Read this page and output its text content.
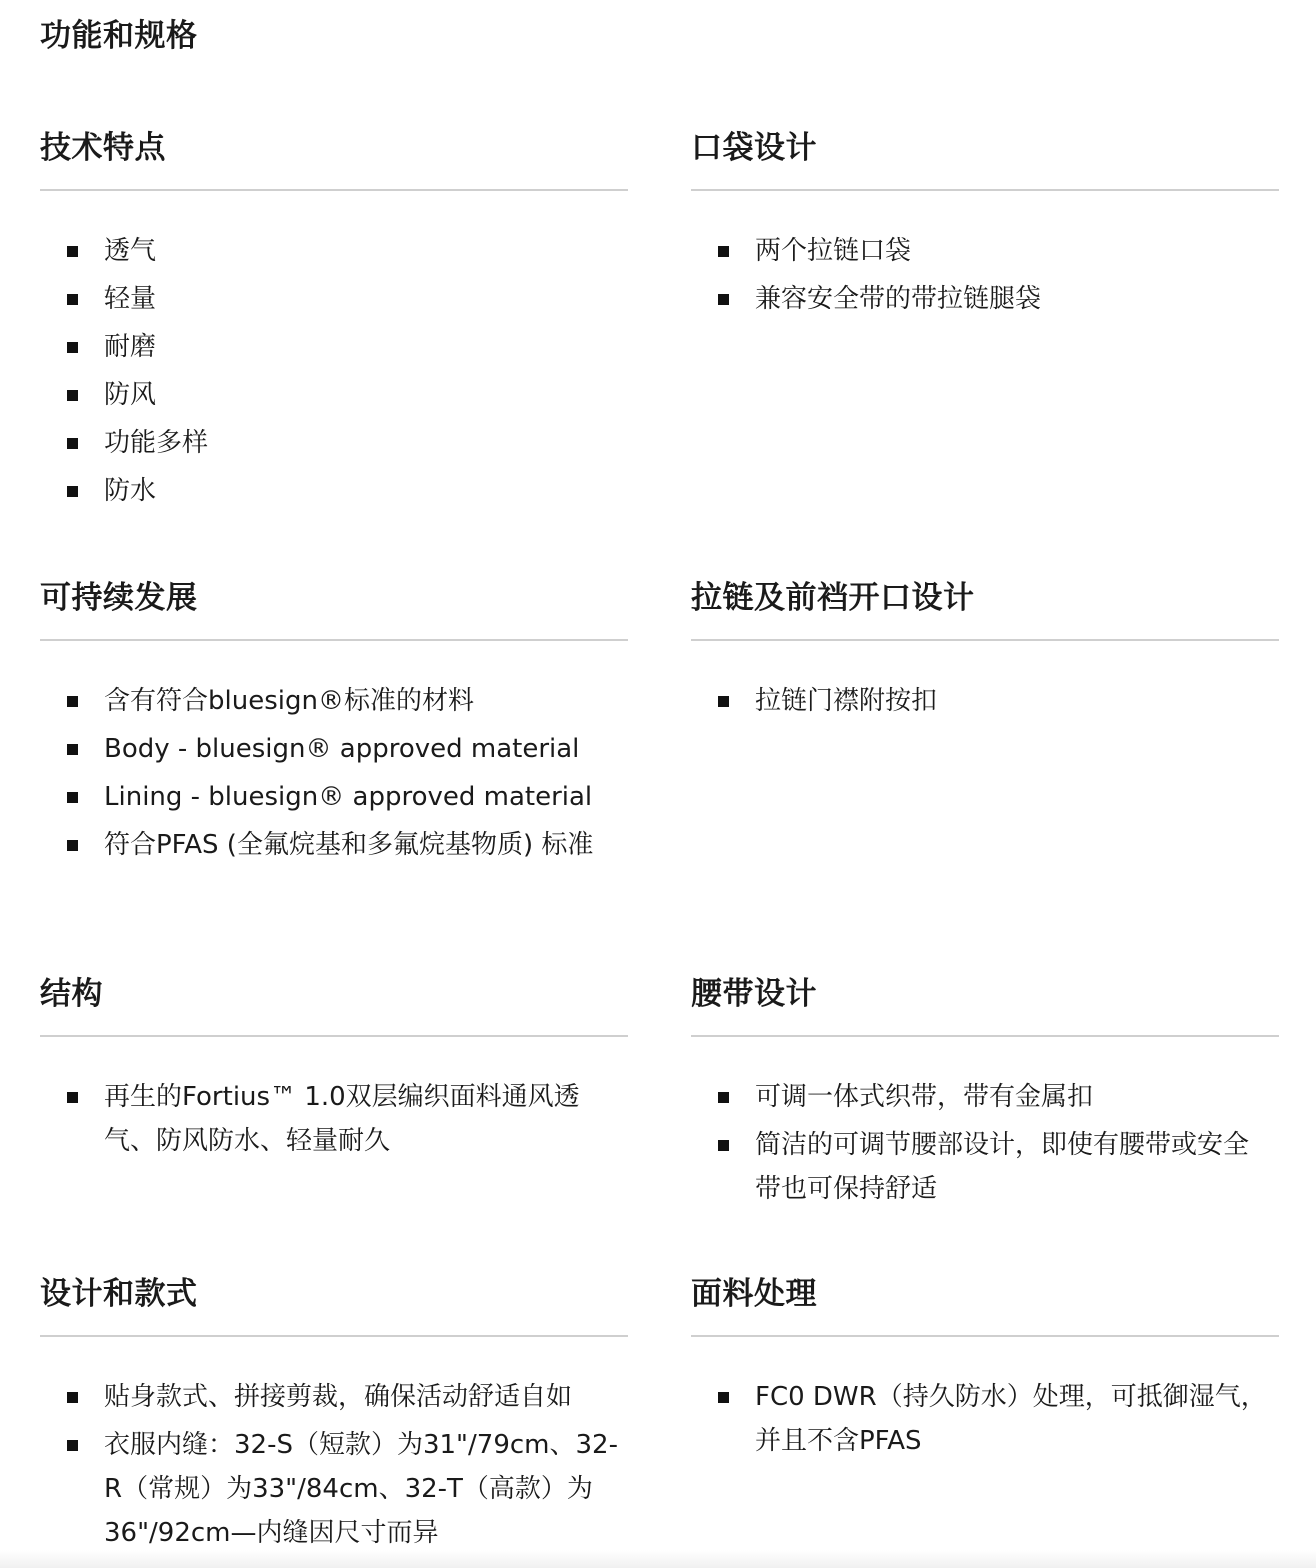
功能和规格
技术特点
透气
轻量
耐磨
防风
功能多样
防水
口袋设计
两个拉链口袋
兼容安全带的带拉链腿袋
可持续发展
含有符合bluesign®标准的材料
Body - bluesign® approved material
Lining - bluesign® approved material
符合PFAS (全氟烷基和多氟烷基物质) 标准
拉链及前裆开口设计
拉链门襟附按扣
结构
再生的Fortius™ 1.0双层编织面料通风透气、防风防水、轻量耐久
腰带设计
可调一体式织带，带有金属扣
简洁的可调节腰部设计，即使有腰带或安全带也可保持舒适
设计和款式
贴身款式、拼接剪裁，确保活动舒适自如
衣服内缝：32-S（短款）为31"/79cm、32-R（常规）为33"/84cm、32-T（高款）为36"/92cm—内缝因尺寸而异
面料处理
FC0 DWR（持久防水）处理，可抵御湿气，并且不含PFAS
